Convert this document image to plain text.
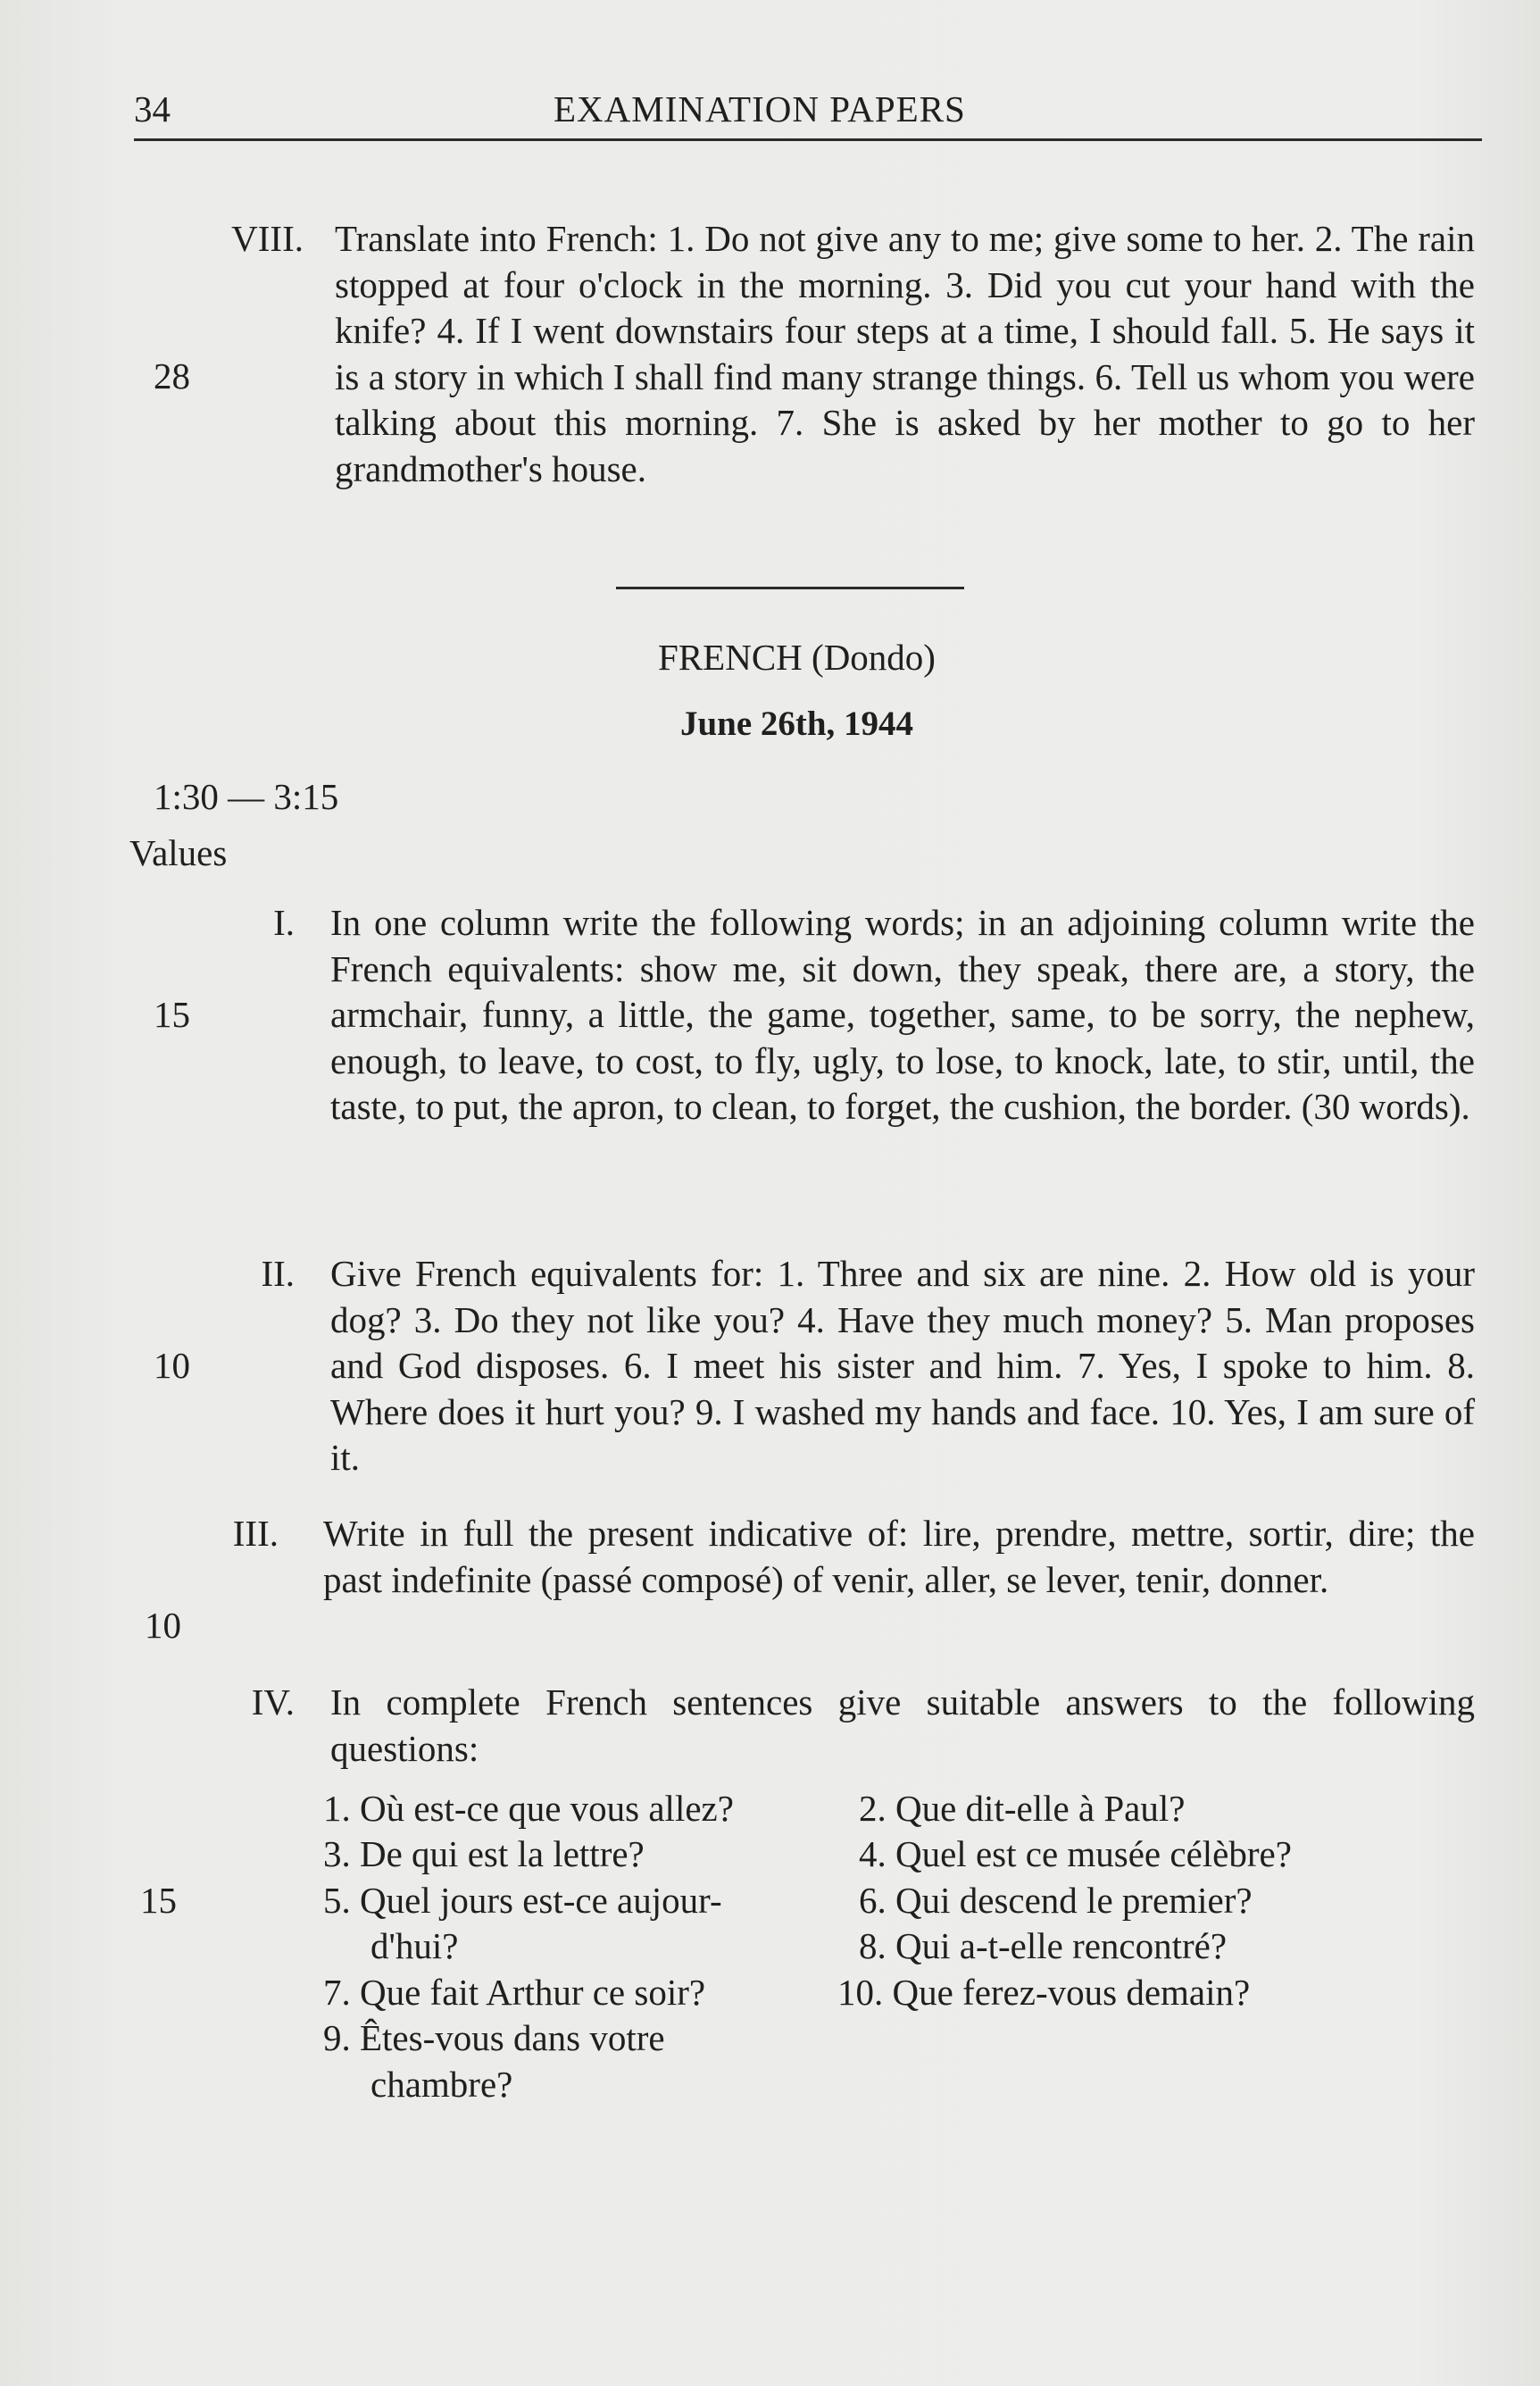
34	EXAMINATION PAPERS
VIII.
28
Translate into French: 1. Do not give any to me; give some to her. 2. The rain stopped at four o'clock in the morning. 3. Did you cut your hand with the knife? 4. If I went downstairs four steps at a time, I should fall. 5. He says it is a story in which I shall find many strange things. 6. Tell us whom you were talking about this morning. 7. She is asked by her mother to go to her grandmother's house.
FRENCH (Dondo)
June 26th, 1944
1:30 — 3:15
Values
I.
15
In one column write the following words; in an adjoining column write the French equivalents: show me, sit down, they speak, there are, a story, the armchair, funny, a little, the game, together, same, to be sorry, the nephew, enough, to leave, to cost, to fly, ugly, to lose, to knock, late, to stir, until, the taste, to put, the apron, to clean, to forget, the cushion, the border. (30 words).
II.
10
Give French equivalents for: 1. Three and six are nine. 2. How old is your dog? 3. Do they not like you? 4. Have they much money? 5. Man proposes and God disposes. 6. I meet his sister and him. 7. Yes, I spoke to him. 8. Where does it hurt you? 9. I washed my hands and face. 10. Yes, I am sure of it.
III.
10
Write in full the present indicative of: lire, prendre, mettre, sortir, dire; the past indefinite (passé composé) of venir, aller, se lever, tenir, donner.
IV.
15
In complete French sentences give suitable answers to the following questions:
1. Où est-ce que vous allez?
3. De qui est la lettre?
5. Quel jours est-ce aujour-
d'hui?
7. Que fait Arthur ce soir?
9. Êtes-vous dans votre
chambre?
2. Que dit-elle à Paul?
4. Quel est ce musée célèbre?
6. Qui descend le premier?
8. Qui a-t-elle rencontré?
10. Que ferez-vous demain?
